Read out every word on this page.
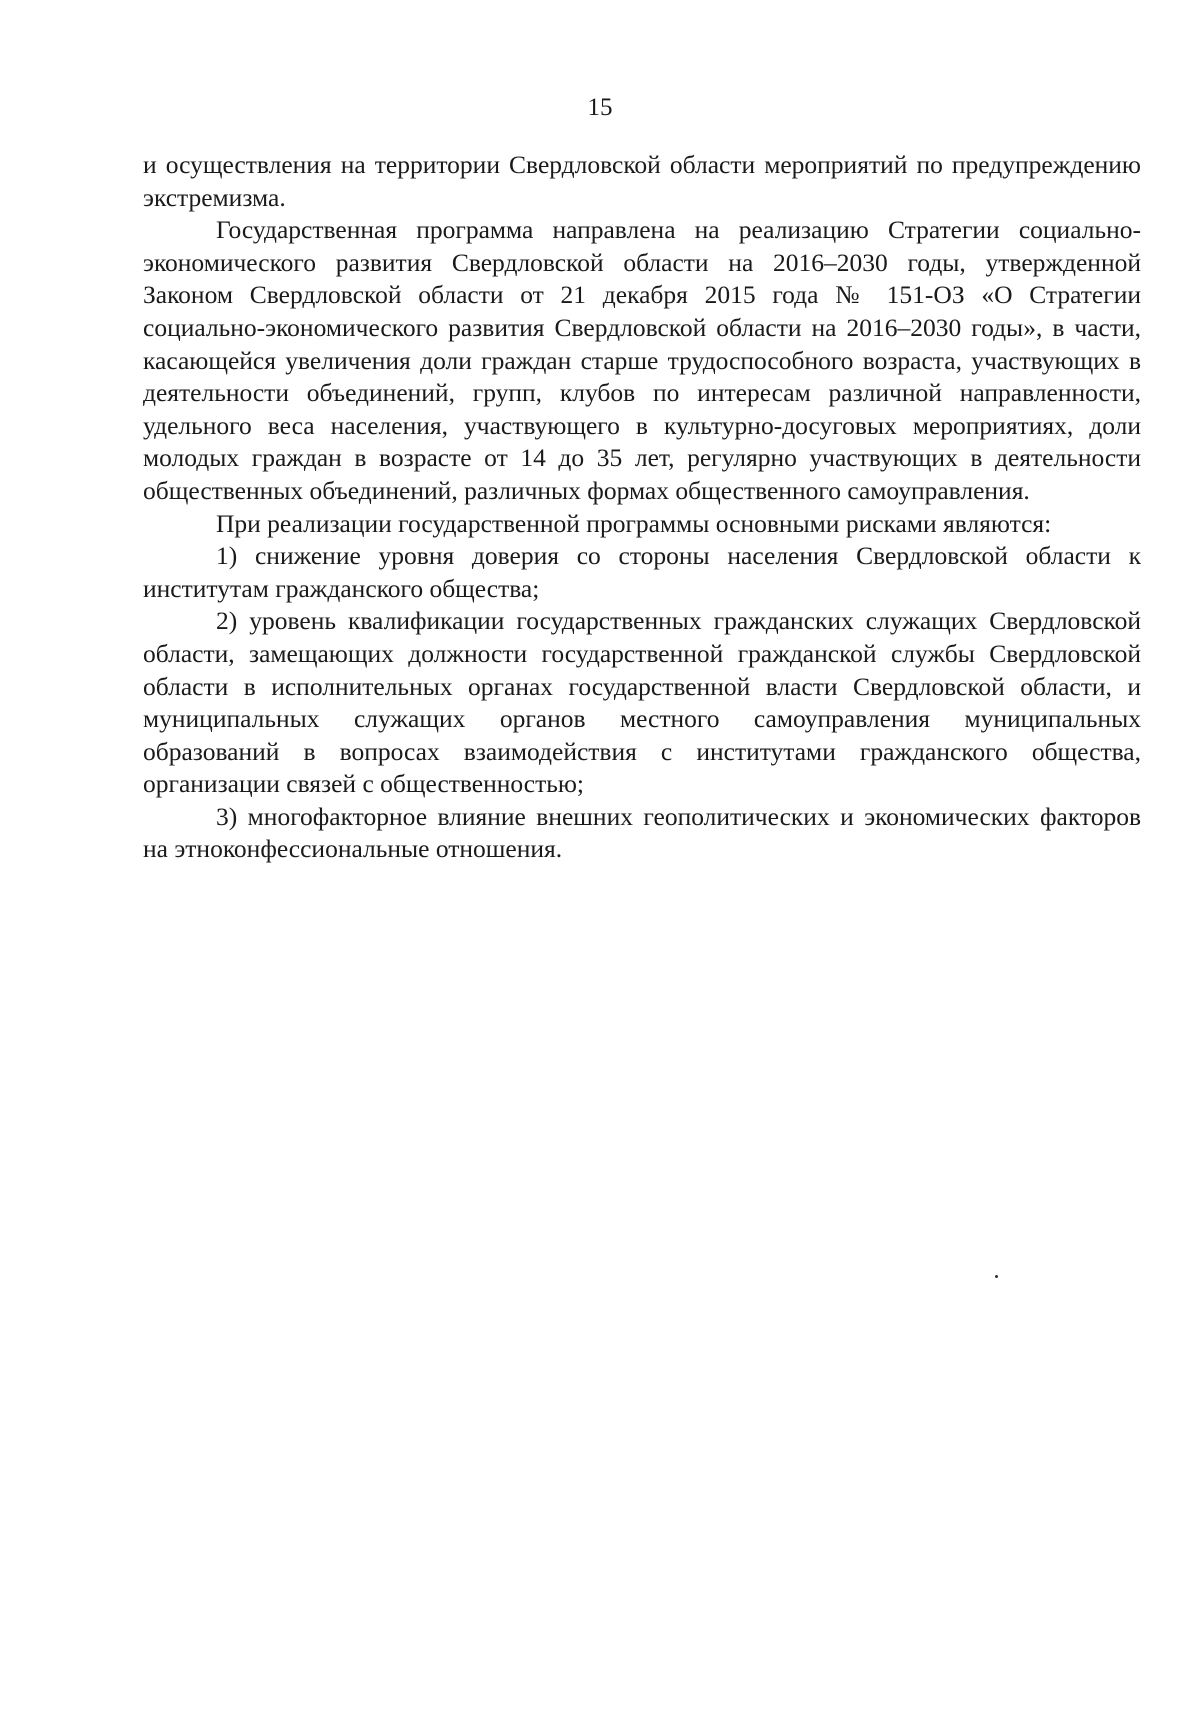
15

и осуществления на территории Свердловской области мероприятий по предупреждению экстремизма.

Государственная программа направлена на реализацию Стратегии социально-экономического развития Свердловской области на 2016–2030 годы, утвержденной Законом Свердловской области от 21 декабря 2015 года № 151-ОЗ «О Стратегии социально-экономического развития Свердловской области на 2016–2030 годы», в части, касающейся увеличения доли граждан старше трудоспособного возраста, участвующих в деятельности объединений, групп, клубов по интересам различной направленности, удельного веса населения, участвующего в культурно-досуговых мероприятиях, доли молодых граждан в возрасте от 14 до 35 лет, регулярно участвующих в деятельности общественных объединений, различных формах общественного самоуправления.

При реализации государственной программы основными рисками являются:

1) снижение уровня доверия со стороны населения Свердловской области к институтам гражданского общества;

2) уровень квалификации государственных гражданских служащих Свердловской области, замещающих должности государственной гражданской службы Свердловской области в исполнительных органах государственной власти Свердловской области, и муниципальных служащих органов местного самоуправления муниципальных образований в вопросах взаимодействия с институтами гражданского общества, организации связей с общественностью;

3) многофакторное влияние внешних геополитических и экономических факторов на этноконфессиональные отношения.
